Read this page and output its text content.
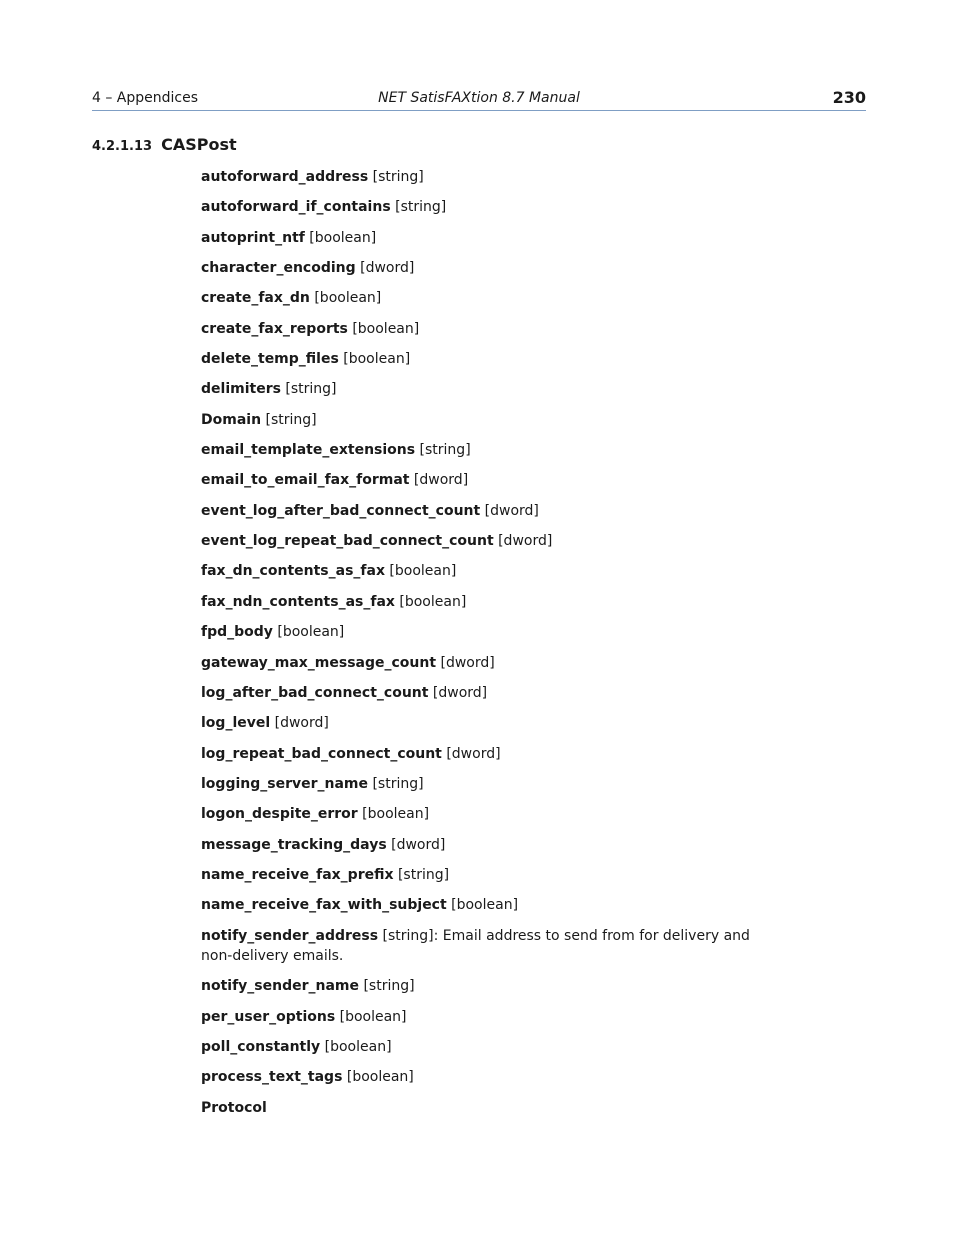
4 – Appendices	NET SatisFAXtion 8.7 Manual	230
4.2.1.13 CASPost
autoforward_address [string]
autoforward_if_contains [string]
autoprint_ntf [boolean]
character_encoding [dword]
create_fax_dn [boolean]
create_fax_reports [boolean]
delete_temp_files [boolean]
delimiters [string]
Domain [string]
email_template_extensions [string]
email_to_email_fax_format [dword]
event_log_after_bad_connect_count [dword]
event_log_repeat_bad_connect_count [dword]
fax_dn_contents_as_fax [boolean]
fax_ndn_contents_as_fax [boolean]
fpd_body [boolean]
gateway_max_message_count [dword]
log_after_bad_connect_count [dword]
log_level [dword]
log_repeat_bad_connect_count [dword]
logging_server_name [string]
logon_despite_error [boolean]
message_tracking_days [dword]
name_receive_fax_prefix [string]
name_receive_fax_with_subject [boolean]
notify_sender_address [string]: Email address to send from for delivery and non-delivery emails.
notify_sender_name [string]
per_user_options [boolean]
poll_constantly [boolean]
process_text_tags [boolean]
Protocol
